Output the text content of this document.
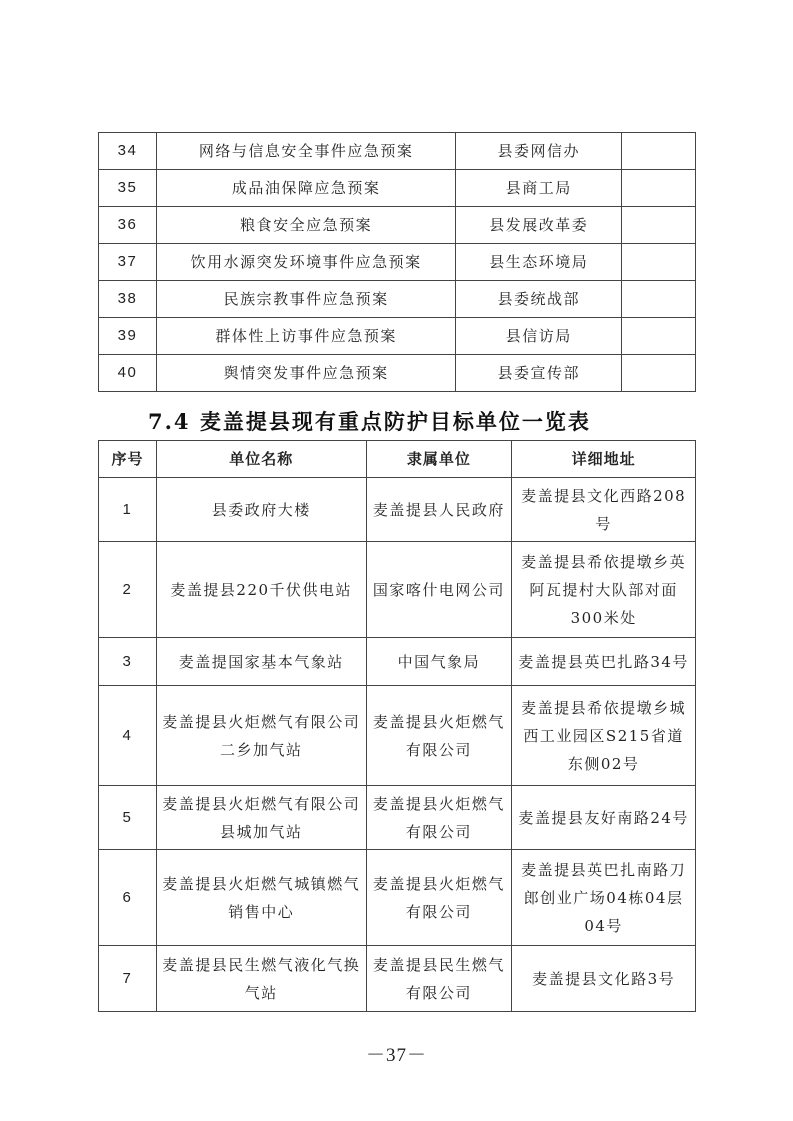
34	网络与信息安全事件应急预案	县委网信办	
35	成品油保障应急预案	县商工局	
36	粮食安全应急预案	县发展改革委	
37	饮用水源突发环境事件应急预案	县生态环境局	
38	民族宗教事件应急预案	县委统战部	
39	群体性上访事件应急预案	县信访局	
40	舆情突发事件应急预案	县委宣传部	
7.4 麦盖提县现有重点防护目标单位一览表
序号	单位名称	隶属单位	详细地址
1	县委政府大楼	麦盖提县人民政府	麦盖提县文化西路208号
2	麦盖提县220千伏供电站	国家喀什电网公司	麦盖提县希依提墩乡英阿瓦提村大队部对面300米处
3	麦盖提国家基本气象站	中国气象局	麦盖提县英巴扎路34号
4	麦盖提县火炬燃气有限公司二乡加气站	麦盖提县火炬燃气有限公司	麦盖提县希依提墩乡城西工业园区S215省道东侧02号
5	麦盖提县火炬燃气有限公司县城加气站	麦盖提县火炬燃气有限公司	麦盖提县友好南路24号
6	麦盖提县火炬燃气城镇燃气销售中心	麦盖提县火炬燃气有限公司	麦盖提县英巴扎南路刀郎创业广场04栋04层04号
7	麦盖提县民生燃气液化气换气站	麦盖提县民生燃气有限公司	麦盖提县文化路3号
－37－
